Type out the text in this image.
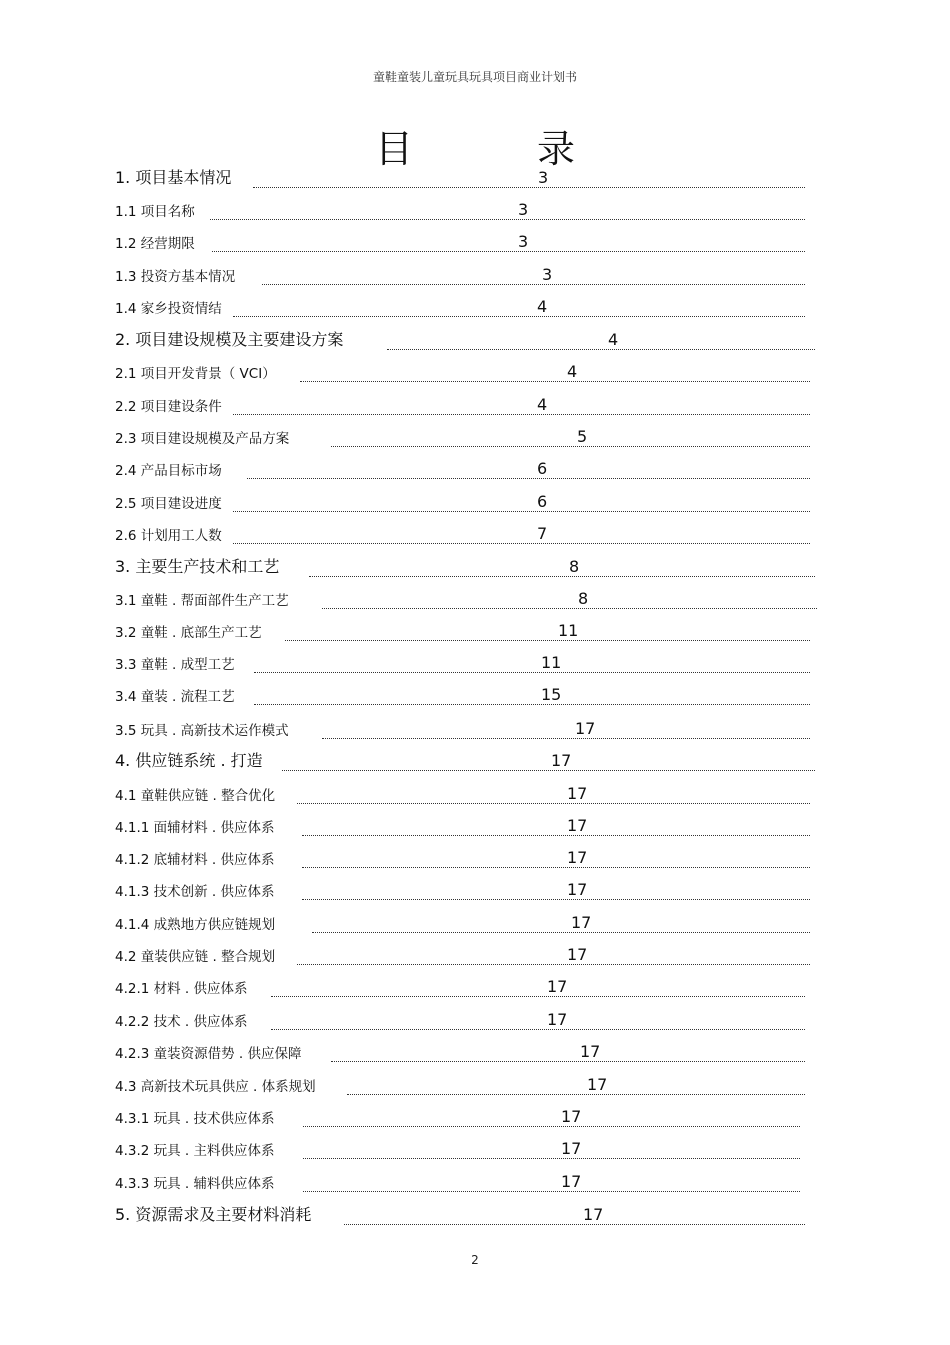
童鞋童装儿童玩具玩具项目商业计划书
目 录
1. 项目基本情况	3
1.1 项目名称	3
1.2 经营期限	3
1.3 投资方基本情况	3
1.4 家乡投资情结	4
2. 项目建设规模及主要建设方案	4
2.1 项目开发背景（ VCI）	4
2.2 项目建设条件	4
2.3 项目建设规模及产品方案	5
2.4 产品目标市场	6
2.5 项目建设进度	6
2.6 计划用工人数	7
3. 主要生产技术和工艺	8
3.1 童鞋 . 帮面部件生产工艺	8
3.2 童鞋 . 底部生产工艺	11
3.3 童鞋 . 成型工艺	11
3.4 童装 . 流程工艺	15
3.5 玩具 . 高新技术运作模式	17
4. 供应链系统 . 打造	17
4.1 童鞋供应链 . 整合优化	17
4.1.1 面辅材料 . 供应体系	17
4.1.2 底辅材料 . 供应体系	17
4.1.3 技术创新 . 供应体系	17
4.1.4 成熟地方供应链规划	17
4.2 童装供应链 . 整合规划	17
4.2.1 材料 . 供应体系	17
4.2.2 技术 . 供应体系	17
4.2.3 童装资源借势 . 供应保障	17
4.3 高新技术玩具供应 . 体系规划	17
4.3.1 玩具 . 技术供应体系	17
4.3.2 玩具 . 主料供应体系	17
4.3.3 玩具 . 辅料供应体系	17
5. 资源需求及主要材料消耗	17
2
